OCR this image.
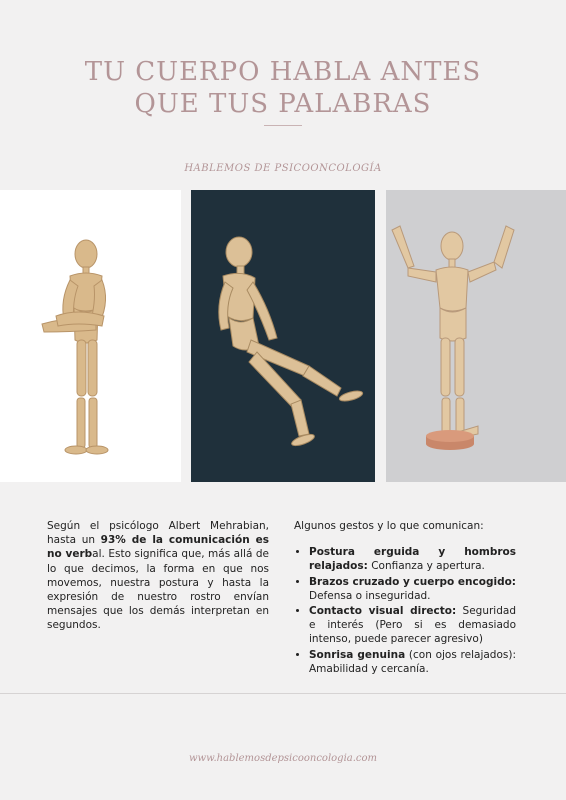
TU CUERPO HABLA ANTES
QUE TUS PALABRAS
HABLEMOS DE PSICOONCOLOGÍA
Según el psicólogo Albert Mehrabian, hasta un 93% de la comunicación es no verbal. Esto significa que, más allá de lo que decimos, la forma en que nos movemos, nuestra postura y hasta la expresión de nuestro rostro envían mensajes que los demás interpretan en segundos.
Algunos gestos y lo que comunican:
• Postura erguida y hombros relajados: Confianza y apertura.
• Brazos cruzado y cuerpo encogido: Defensa o inseguridad.
• Contacto visual directo: Seguridad e interés (Pero si es demasiado intenso, puede parecer agresivo)
• Sonrisa genuina (con ojos relajados): Amabilidad y cercanía.
www.hablemosdepsicooncologia.com
